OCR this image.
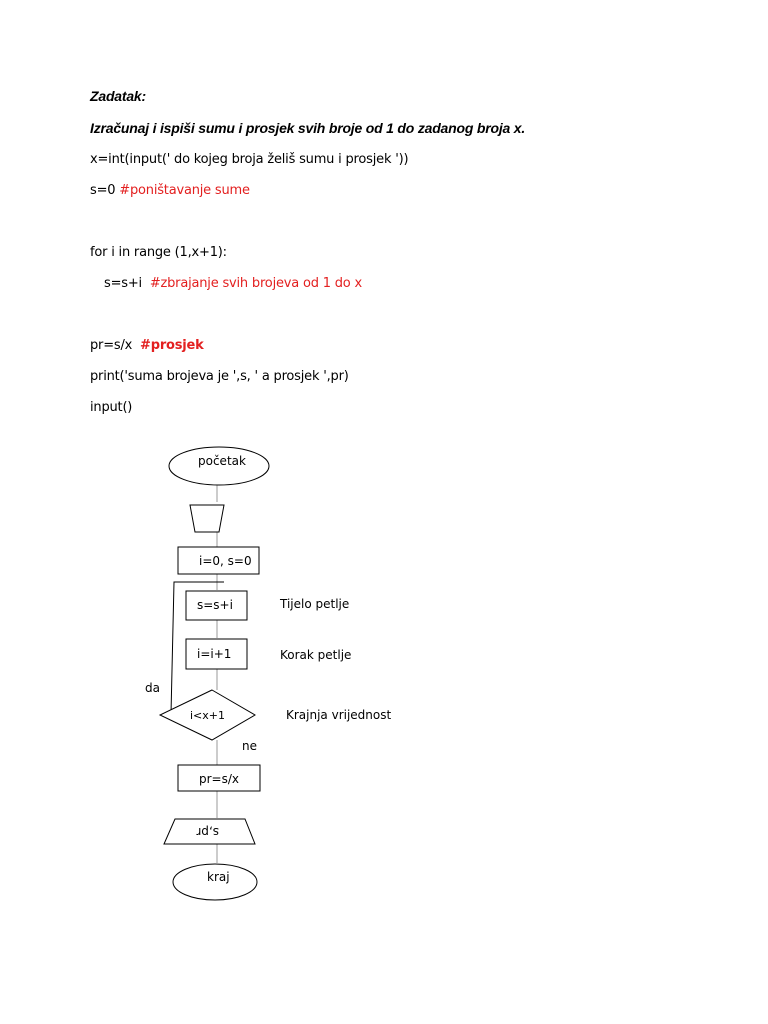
Zadatak:
Izračunaj i ispiši sumu i prosjek svih broje od 1 do zadanog broja x.
x=int(input(' do kojeg broja želiš sumu i prosjek '))
s=0 #poništavanje sume
for i in range (1,x+1):
s=s+i  #zbrajanje svih brojeva od 1 do x
pr=s/x  #prosjek
print('suma brojeva je ',s, ' a prosjek ',pr)
input()
početak
i=0, s=0
s=s+i	Tijelo petlje
i=i+1	Korak petlje
i<x+1	Krajnja vrijednost
da
ne
pr=s/x
s,pr
kraj
